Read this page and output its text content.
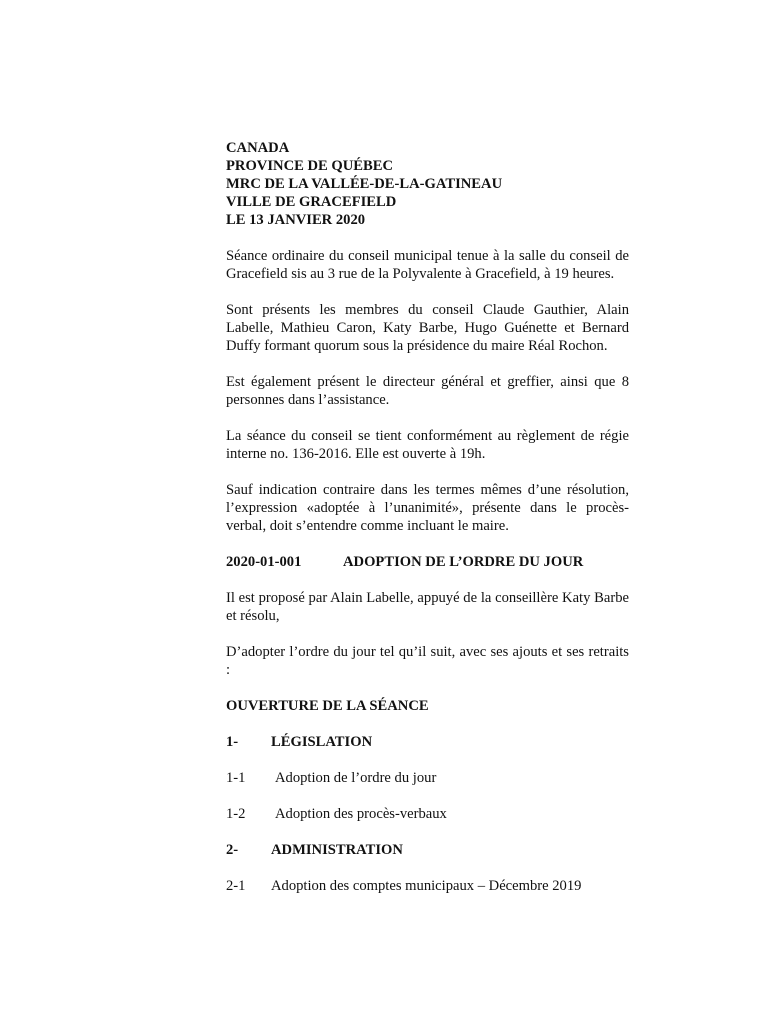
CANADA
PROVINCE DE QUÉBEC
MRC DE LA VALLÉE-DE-LA-GATINEAU
VILLE DE GRACEFIELD
LE 13 JANVIER 2020

Séance ordinaire du conseil municipal tenue à la salle du conseil de Gracefield sis au 3 rue de la Polyvalente à Gracefield, à 19 heures.

Sont présents les membres du conseil Claude Gauthier, Alain Labelle, Mathieu Caron, Katy Barbe, Hugo Guénette et Bernard Duffy formant quorum sous la présidence du maire Réal Rochon.

Est également présent le directeur général et greffier, ainsi que 8 personnes dans l’assistance.

La séance du conseil se tient conformément au règlement de régie interne no. 136-2016. Elle est ouverte à 19h.

Sauf indication contraire dans les termes mêmes d’une résolution, l’expression «adoptée à l’unanimité», présente dans le procès-verbal, doit s’entendre comme incluant le maire.

2020-01-001	ADOPTION DE L’ORDRE DU JOUR

Il est proposé par Alain Labelle, appuyé de la conseillère Katy Barbe et résolu,

D’adopter l’ordre du jour tel qu’il suit, avec ses ajouts et ses retraits :

OUVERTURE DE LA SÉANCE
1-	LÉGISLATION
1-1	Adoption de l’ordre du jour
1-2	Adoption des procès-verbaux
2-	ADMINISTRATION
2-1	Adoption des comptes municipaux – Décembre 2019
